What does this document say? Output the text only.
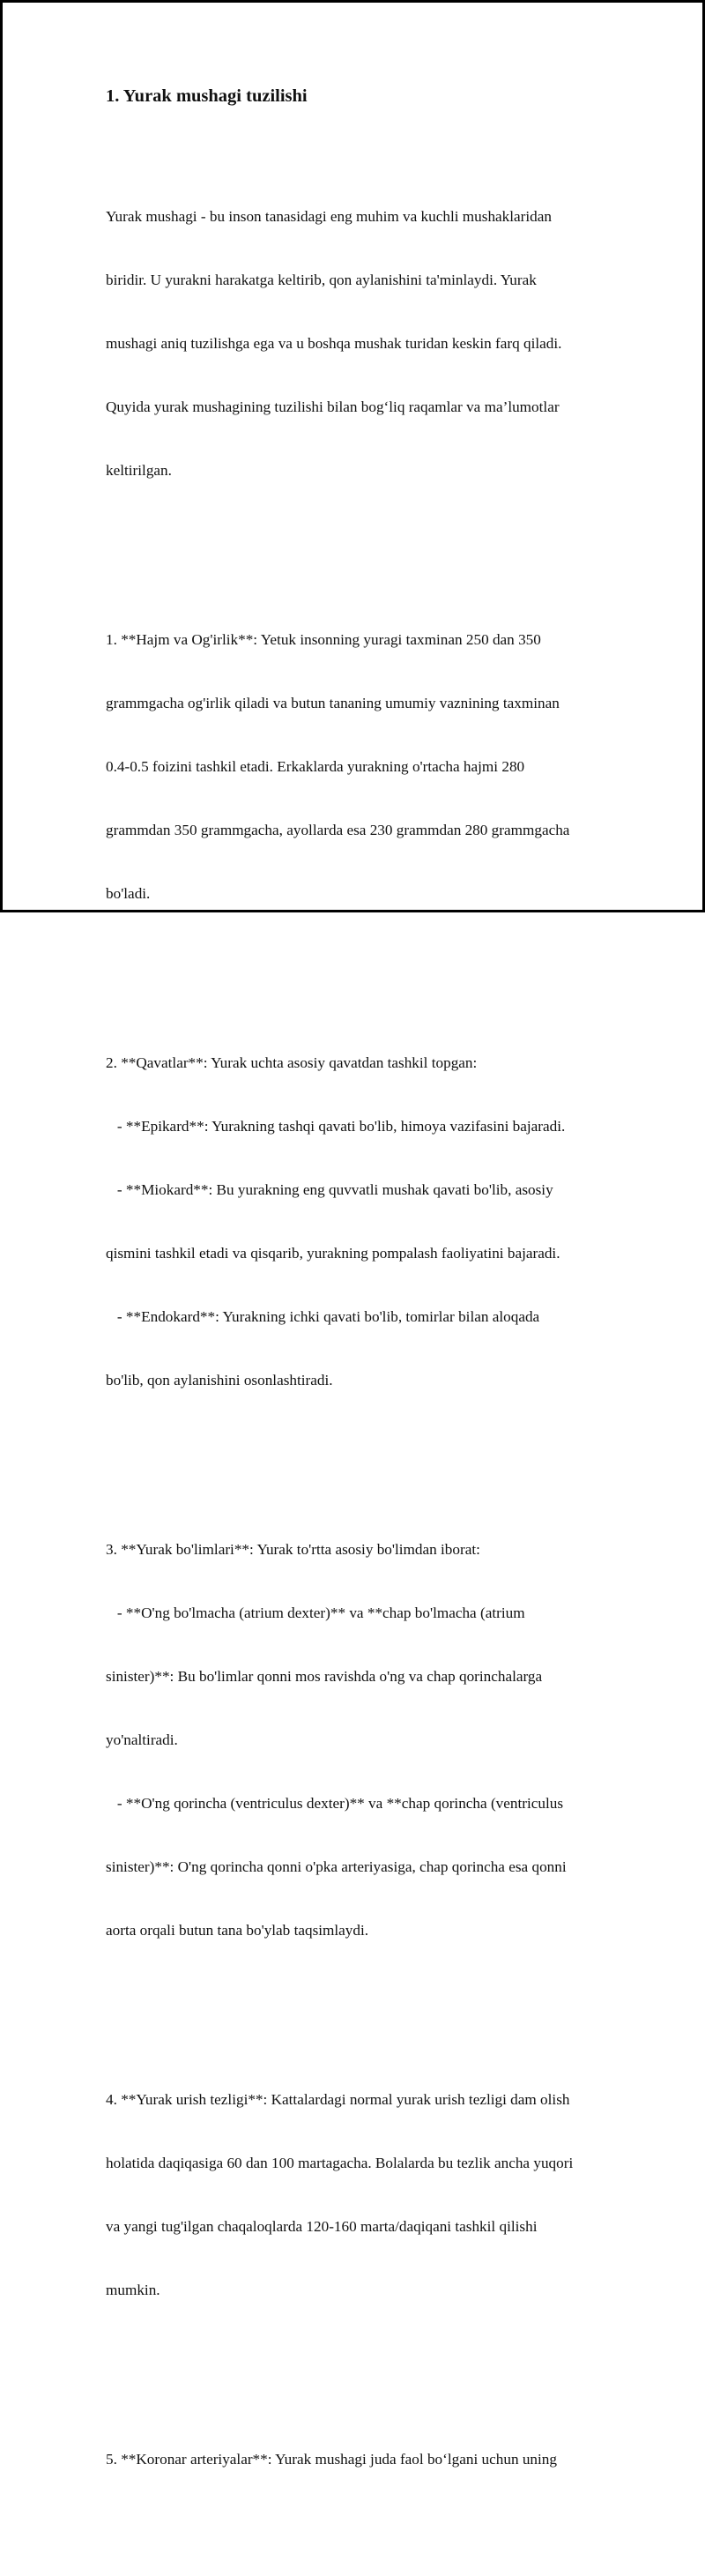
1. Yurak mushagi tuzilishi

Yurak mushagi - bu inson tanasidagi eng muhim va kuchli mushaklaridan

biridir. U yurakni harakatga keltirib, qon aylanishini ta'minlaydi. Yurak

mushagi aniq tuzilishga ega va u boshqa mushak turidan keskin farq qiladi.

Quyida yurak mushagining tuzilishi bilan bog‘liq raqamlar va ma’lumotlar

keltirilgan.

1. **Hajm va Og'irlik**: Yetuk insonning yuragi taxminan 250 dan 350

grammgacha og'irlik qiladi va butun tananing umumiy vaznining taxminan

0.4-0.5 foizini tashkil etadi. Erkaklarda yurakning o'rtacha hajmi 280

grammdan 350 grammgacha, ayollarda esa 230 grammdan 280 grammgacha

bo'ladi.

2. **Qavatlar**: Yurak uchta asosiy qavatdan tashkil topgan:

- **Epikard**: Yurakning tashqi qavati bo'lib, himoya vazifasini bajaradi.

- **Miokard**: Bu yurakning eng quvvatli mushak qavati bo'lib, asosiy

qismini tashkil etadi va qisqarib, yurakning pompalash faoliyatini bajaradi.

- **Endokard**: Yurakning ichki qavati bo'lib, tomirlar bilan aloqada

bo'lib, qon aylanishini osonlashtiradi.

3. **Yurak bo'limlari**: Yurak to'rtta asosiy bo'limdan iborat:

- **O'ng bo'lmacha (atrium dexter)** va **chap bo'lmacha (atrium

sinister)**: Bu bo'limlar qonni mos ravishda o'ng va chap qorinchalarga

yo'naltiradi.

- **O'ng qorincha (ventriculus dexter)** va **chap qorincha (ventriculus

sinister)**: O'ng qorincha qonni o'pka arteriyasiga, chap qorincha esa qonni

aorta orqali butun tana bo'ylab taqsimlaydi.

4. **Yurak urish tezligi**: Kattalardagi normal yurak urish tezligi dam olish

holatida daqiqasiga 60 dan 100 martagacha. Bolalarda bu tezlik ancha yuqori

va yangi tug'ilgan chaqaloqlarda 120-160 marta/daqiqani tashkil qilishi

mumkin.

5. **Koronar arteriyalar**: Yurak mushagi juda faol bo‘lgani uchun uning
